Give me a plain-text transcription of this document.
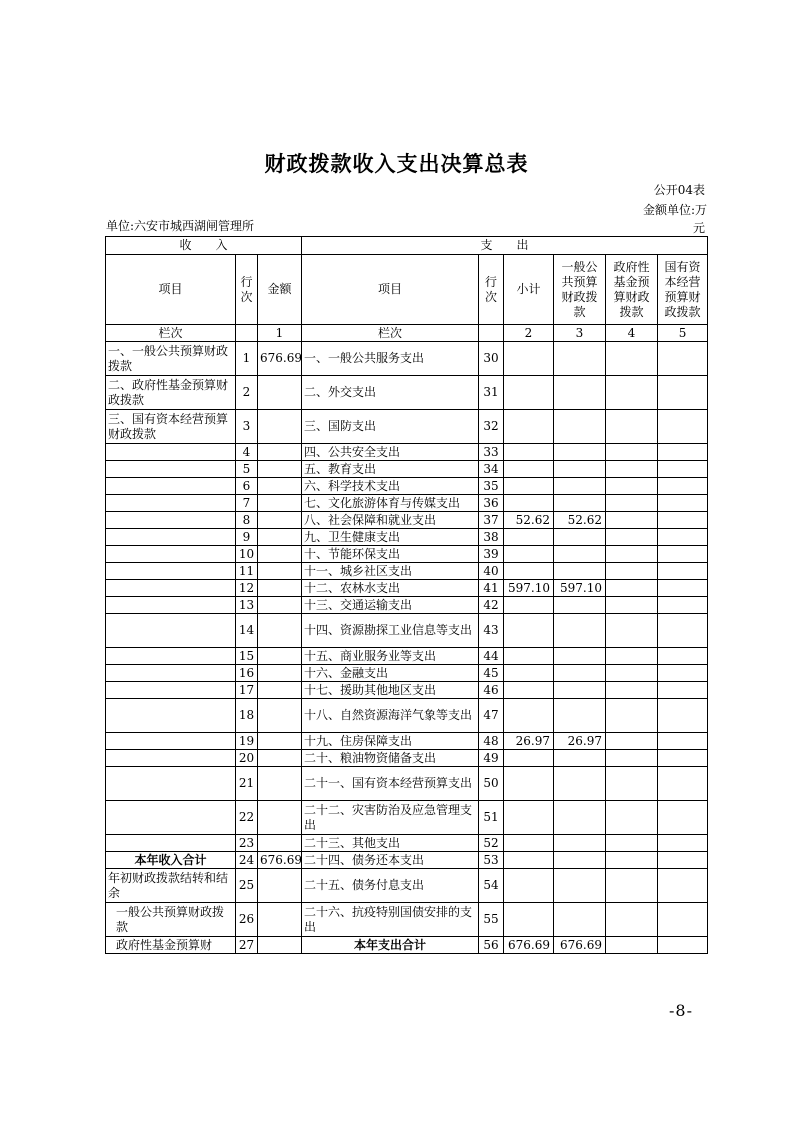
财政拨款收入支出决算总表
公开04表
金额单位:万
元
单位:六安市城西湖闸管理所
收　　入			支　　出					
项目	行次	金额	项目	行次	小计	一般公共预算财政拨款	政府性基金预算财政拨款	国有资本经营预算财政拨款
栏次		1	栏次		2	3	4	5
一、一般公共预算财政拨款	1	676.69	一、一般公共服务支出	30				
二、政府性基金预算财政拨款	2		二、外交支出	31				
三、国有资本经营预算财政拨款	3		三、国防支出	32				
	4		四、公共安全支出	33				
	5		五、教育支出	34				
	6		六、科学技术支出	35				
	7		七、文化旅游体育与传媒支出	36				
	8		八、社会保障和就业支出	37	52.62	52.62		
	9		九、卫生健康支出	38				
	10		十、节能环保支出	39				
	11		十一、城乡社区支出	40				
	12		十二、农林水支出	41	597.10	597.10		
	13		十三、交通运输支出	42				
	14		十四、资源勘探工业信息等支出	43				
	15		十五、商业服务业等支出	44				
	16		十六、金融支出	45				
	17		十七、援助其他地区支出	46				
	18		十八、自然资源海洋气象等支出	47				
	19		十九、住房保障支出	48	26.97	26.97		
	20		二十、粮油物资储备支出	49				
	21		二十一、国有资本经营预算支出	50				
	22		二十二、灾害防治及应急管理支出	51				
	23		二十三、其他支出	52				
本年收入合计	24	676.69	二十四、债务还本支出	53				
年初财政拨款结转和结余	25		二十五、债务付息支出	54				
一般公共预算财政拨款	26		二十六、抗疫特别国债安排的支出	55				
政府性基金预算财	27		本年支出合计	56	676.69	676.69		
-8-
